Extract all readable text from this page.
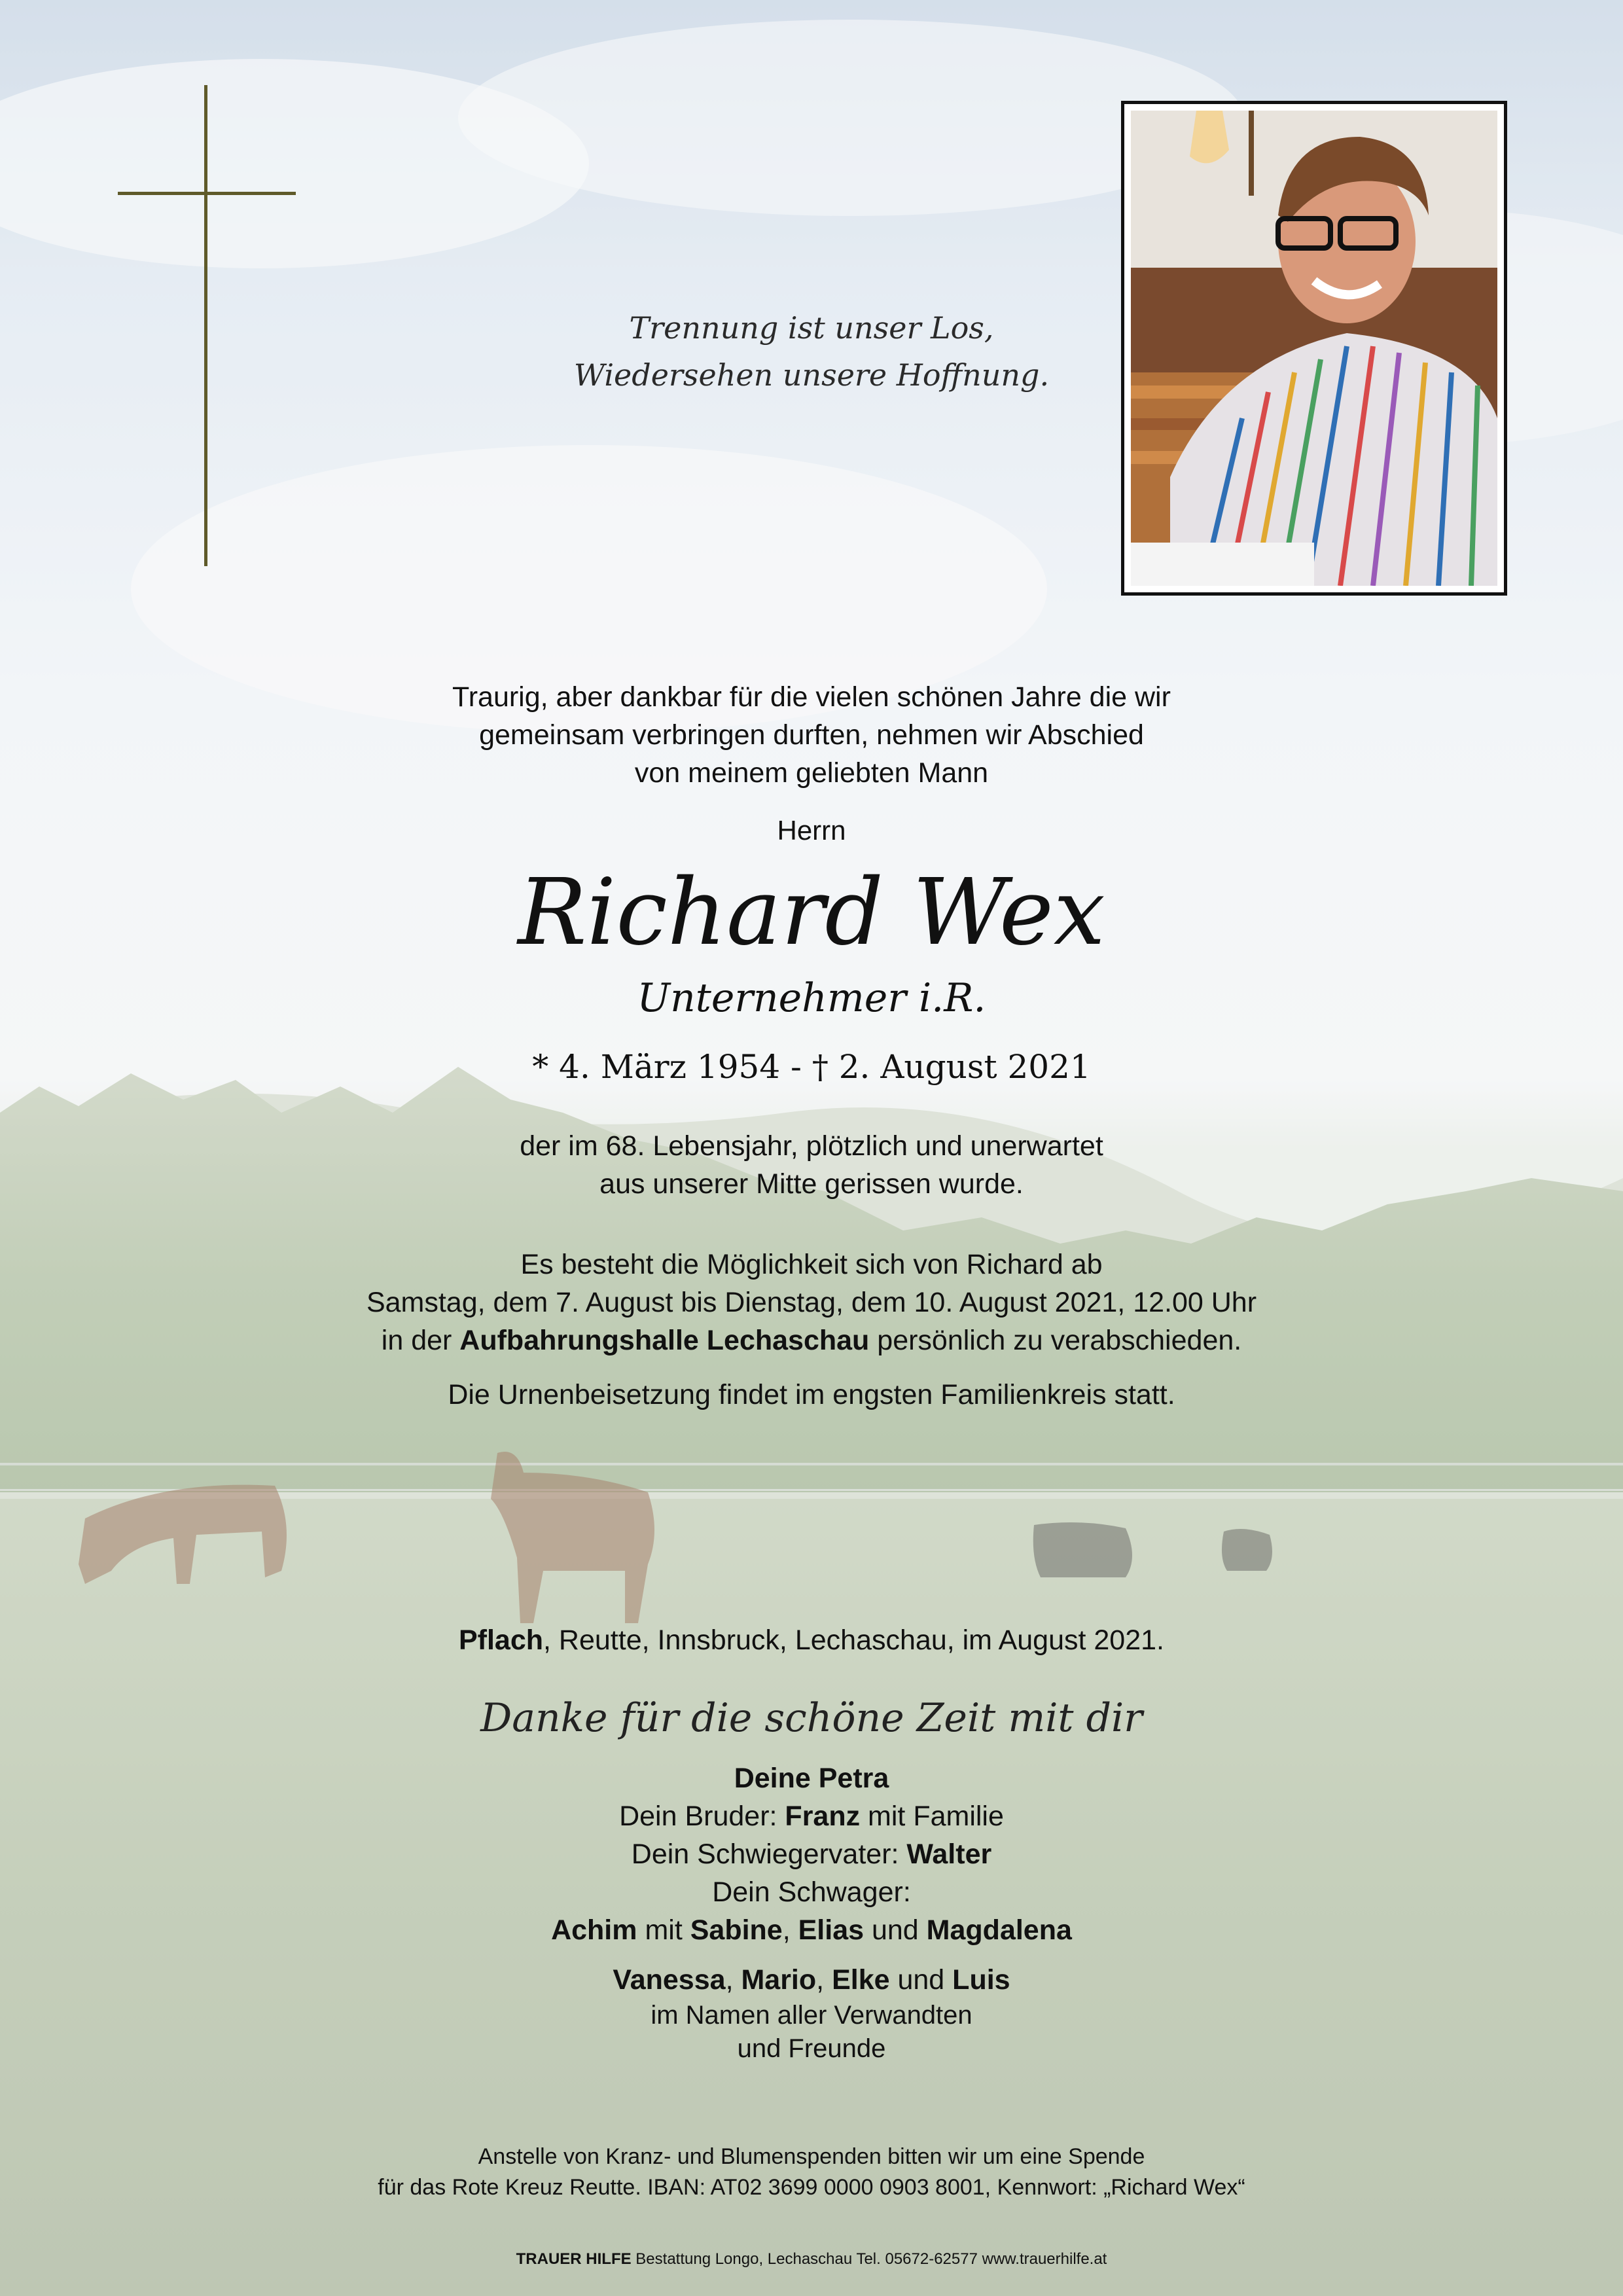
Trennung ist unser Los,
Wiedersehen unsere Hoffnung.
Traurig, aber dankbar für die vielen schönen Jahre die wir
gemeinsam verbringen durften, nehmen wir Abschied
von meinem geliebten Mann
Herrn
Richard Wex
Unternehmer i.R.
* 4. März 1954 - † 2. August 2021
der im 68. Lebensjahr, plötzlich und unerwartet
aus unserer Mitte gerissen wurde.
Es besteht die Möglichkeit sich von Richard ab
Samstag, dem 7. August bis Dienstag, dem 10. August 2021, 12.00 Uhr
in der Aufbahrungshalle Lechaschau persönlich zu verabschieden.
Die Urnenbeisetzung findet im engsten Familienkreis statt.
Pflach, Reutte, Innsbruck, Lechaschau, im August 2021.
Danke für die schöne Zeit mit dir
Deine Petra
Dein Bruder: Franz mit Familie
Dein Schwiegervater: Walter
Dein Schwager:
Achim mit Sabine, Elias und Magdalena
Vanessa, Mario, Elke und Luis
im Namen aller Verwandten
und Freunde
Anstelle von Kranz- und Blumenspenden bitten wir um eine Spende
für das Rote Kreuz Reutte. IBAN: AT02 3699 0000 0903 8001, Kennwort: „Richard Wex“
TRAUER HILFE Bestattung Longo, Lechaschau Tel. 05672-62577 www.trauerhilfe.at
